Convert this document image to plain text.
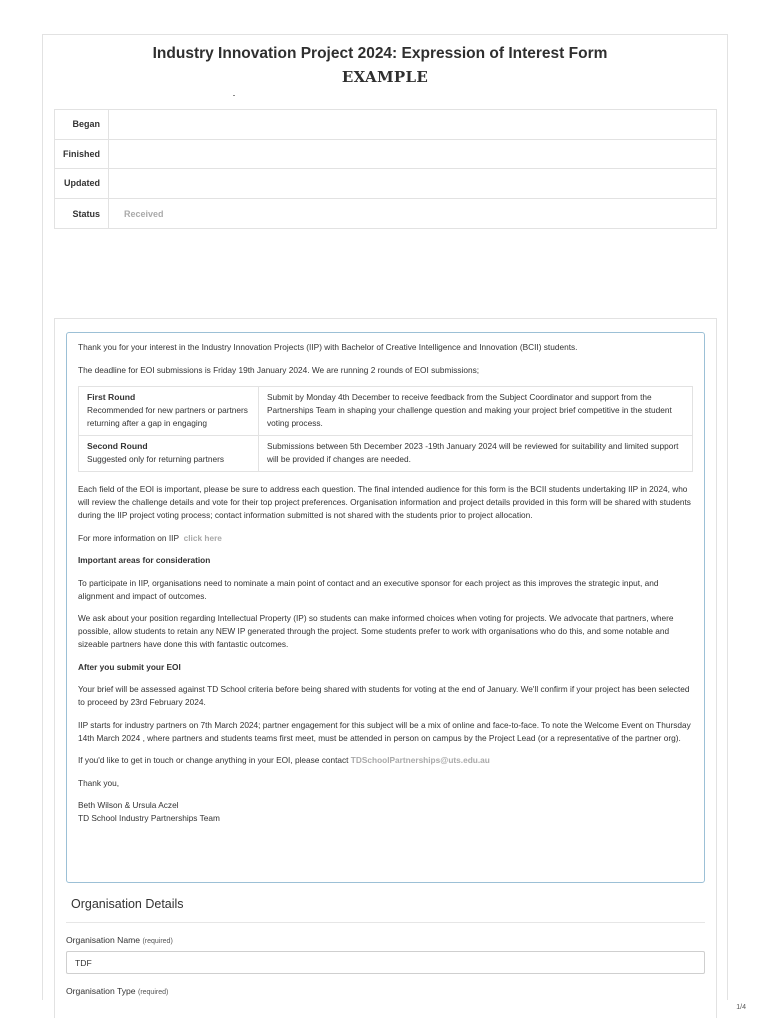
Industry Innovation Project 2024: Expression of Interest Form
EXAMPLE
Began
Finished
Updated
Status	Received

Thank you for your interest in the Industry Innovation Projects (IIP) with Bachelor of Creative Intelligence and Innovation (BCII) students.

The deadline for EOI submissions is Friday 19th January 2024. We are running 2 rounds of EOI submissions;

First Round
Recommended for new partners or partners returning after a gap in engaging	Submit by Monday 4th December to receive feedback from the Subject Coordinator and support from the Partnerships Team in shaping your challenge question and making your project brief competitive in the student voting process.

Second Round
Suggested only for returning partners	Submissions between 5th December 2023 -19th January 2024 will be reviewed for suitability and limited support will be provided if changes are needed.

Each field of the EOI is important, please be sure to address each question. The final intended audience for this form is the BCII students undertaking IIP in 2024, who will review the challenge details and vote for their top project preferences. Organisation information and project details provided in this form will be shared with students during the IIP project voting process; contact information submitted is not shared with the students prior to project allocation.

For more information on IIP click here

Important areas for consideration

To participate in IIP, organisations need to nominate a main point of contact and an executive sponsor for each project as this improves the strategic input, and alignment and impact of outcomes.

We ask about your position regarding Intellectual Property (IP) so students can make informed choices when voting for projects. We advocate that partners, where possible, allow students to retain any NEW IP generated through the project. Some students prefer to work with organisations who do this, and some notable and sizeable partners have done this with fantastic outcomes.

After you submit your EOI

Your brief will be assessed against TD School criteria before being shared with students for voting at the end of January. We'll confirm if your project has been selected to proceed by 23rd February 2024.

IIP starts for industry partners on 7th March 2024; partner engagement for this subject will be a mix of online and face-to-face. To note the Welcome Event on Thursday 14th March 2024 , where partners and students teams first meet, must be attended in person on campus by the Project Lead (or a representative of the partner org).

If you'd like to get in touch or change anything in your EOI, please contact TDSchoolPartnerships@uts.edu.au

Thank you,

Beth Wilson & Ursula Aczel
TD School Industry Partnerships Team
Organisation Details
Organisation Name (required)
TDF
Organisation Type (required)
1/4
